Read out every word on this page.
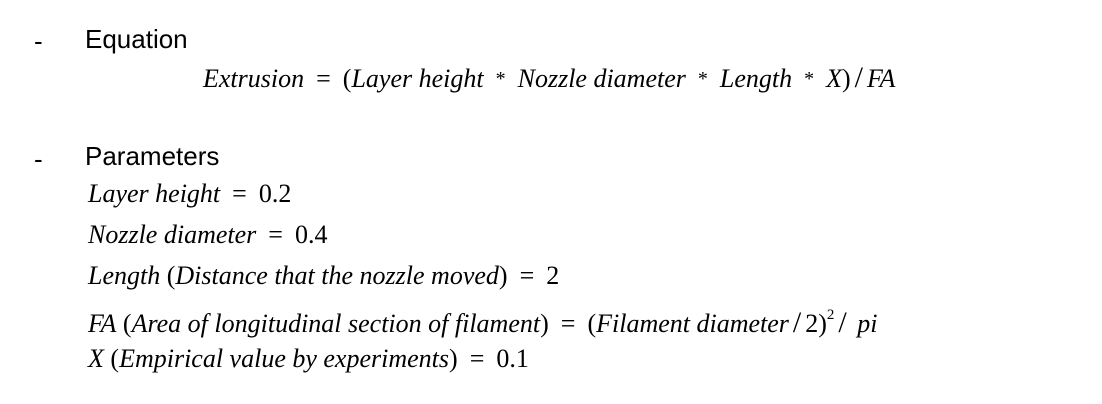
- Equation
Extrusion = (Layer height * Nozzle diameter * Length * X) / FA
- Parameters
Layer height = 0.2
Nozzle diameter = 0.4
Length (Distance that the nozzle moved) = 2
FA (Area of longitudinal section of filament) = (Filament diameter / 2)$^2$ / pi
X (Empirical value by experiments) = 0.1
